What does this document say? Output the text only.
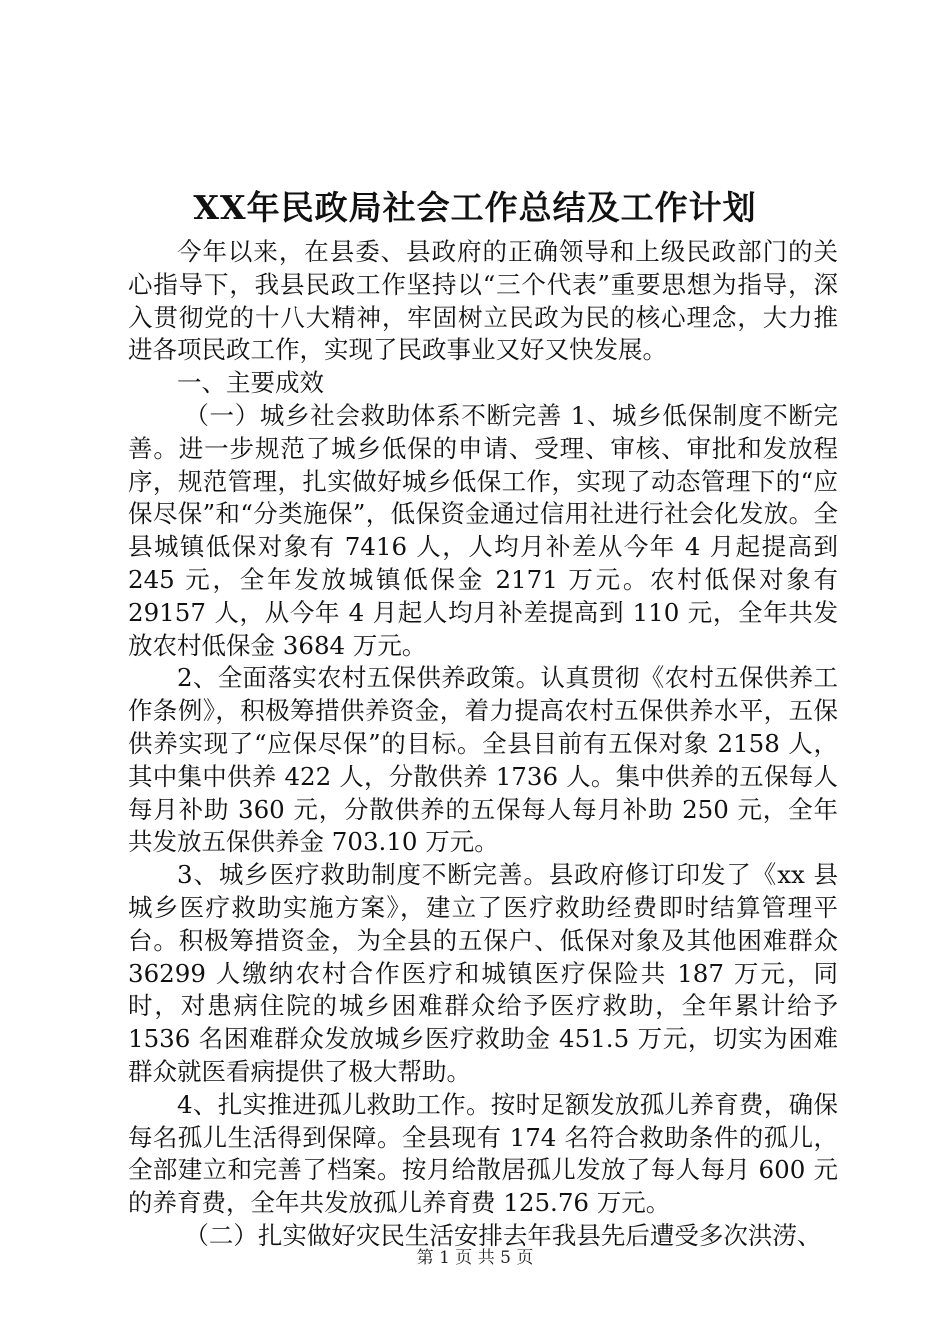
XX年民政局社会工作总结及工作计划

今年以来，在县委、县政府的正确领导和上级民政部门的关心指导下，我县民政工作坚持以“三个代表”重要思想为指导，深入贯彻党的十八大精神，牢固树立民政为民的核心理念，大力推进各项民政工作，实现了民政事业又好又快发展。

一、主要成效

（一）城乡社会救助体系不断完善 1、城乡低保制度不断完善。进一步规范了城乡低保的申请、受理、审核、审批和发放程序，规范管理，扎实做好城乡低保工作，实现了动态管理下的“应保尽保”和“分类施保”，低保资金通过信用社进行社会化发放。全县城镇低保对象有 7416 人，人均月补差从今年 4 月起提高到 245 元，全年发放城镇低保金 2171 万元。农村低保对象有 29157 人，从今年 4 月起人均月补差提高到 110 元，全年共发放农村低保金 3684 万元。

2、全面落实农村五保供养政策。认真贯彻《农村五保供养工作条例》，积极筹措供养资金，着力提高农村五保供养水平，五保供养实现了“应保尽保”的目标。全县目前有五保对象 2158 人，其中集中供养 422 人，分散供养 1736 人。集中供养的五保每人每月补助 360 元，分散供养的五保每人每月补助 250 元，全年共发放五保供养金 703.10 万元。

3、城乡医疗救助制度不断完善。县政府修订印发了《xx 县城乡医疗救助实施方案》，建立了医疗救助经费即时结算管理平台。积极筹措资金，为全县的五保户、低保对象及其他困难群众 36299 人缴纳农村合作医疗和城镇医疗保险共 187 万元，同时，对患病住院的城乡困难群众给予医疗救助，全年累计给予 1536 名困难群众发放城乡医疗救助金 451.5 万元，切实为困难群众就医看病提供了极大帮助。

4、扎实推进孤儿救助工作。按时足额发放孤儿养育费，确保每名孤儿生活得到保障。全县现有 174 名符合救助条件的孤儿，全部建立和完善了档案。按月给散居孤儿发放了每人每月 600 元的养育费，全年共发放孤儿养育费 125.76 万元。

（二）扎实做好灾民生活安排去年我县先后遭受多次洪涝、

第 1 页 共 5 页
